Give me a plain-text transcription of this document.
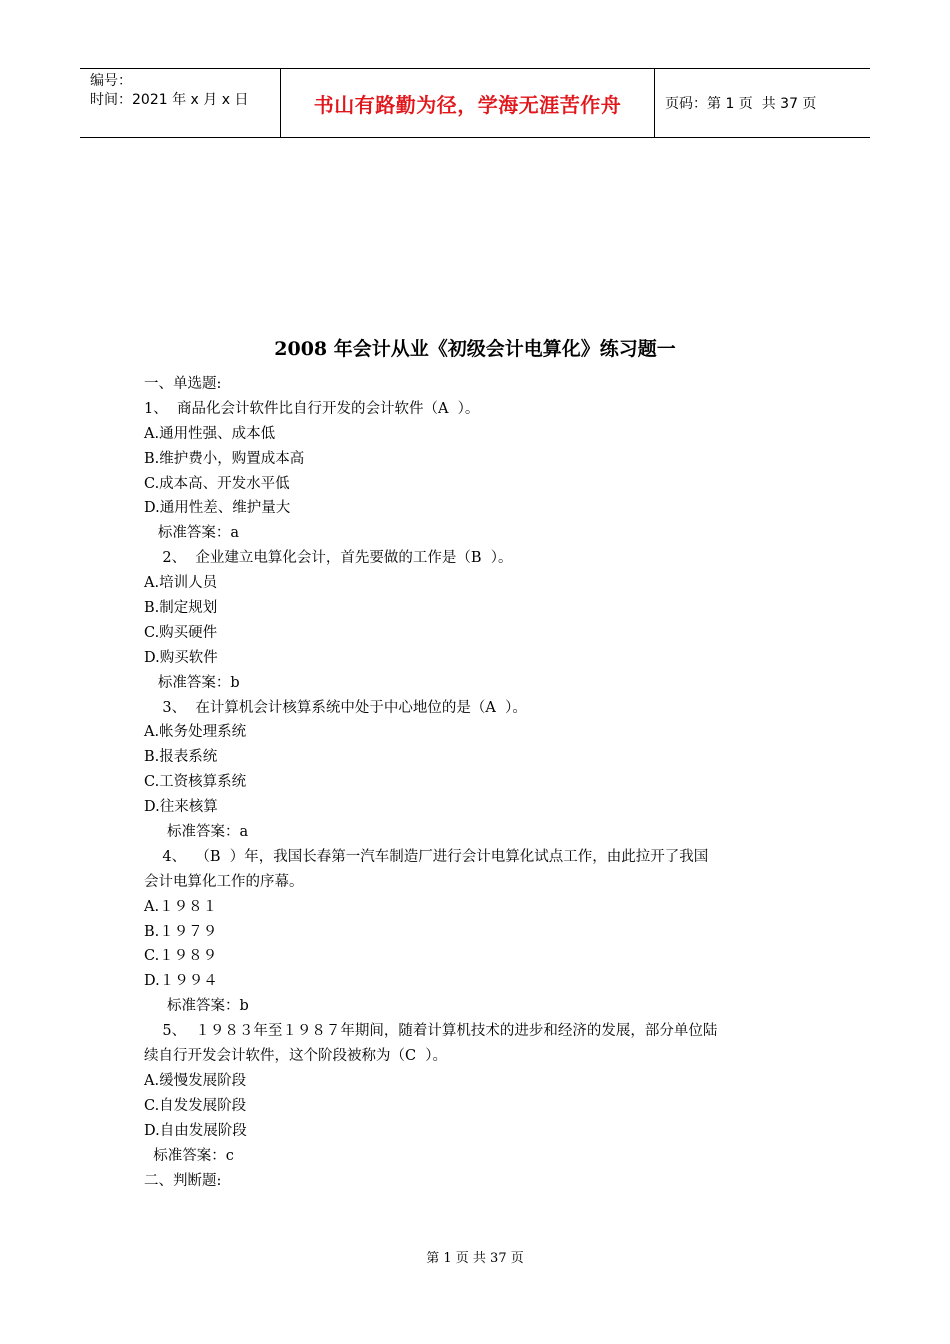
编号：
时间：2021 年 x 月 x 日	书山有路勤为径，学海无涯苦作舟	页码：第 1 页  共 37 页
2008 年会计从业《初级会计电算化》练习题一
一、单选题:
1、  商品化会计软件比自行开发的会计软件（A  ）。
A.通用性强、成本低
B.维护费小，购置成本高
C.成本高、开发水平低
D.通用性差、维护量大
标准答案：a
2、  企业建立电算化会计，首先要做的工作是（B  ）。
A.培训人员
B.制定规划
C.购买硬件
D.购买软件
标准答案：b
3、  在计算机会计核算系统中处于中心地位的是（A  ）。
A.帐务处理系统
B.报表系统
C.工资核算系统
D.往来核算
标准答案：a
4、  （B  ）年，我国长春第一汽车制造厂进行会计电算化试点工作，由此拉开了我国
会计电算化工作的序幕。
A.１９８１
B.１９７９
C.１９８９
D.１９９４
标准答案：b
5、  １９８３年至１９８７年期间，随着计算机技术的进步和经济的发展，部分单位陆
续自行开发会计软件，这个阶段被称为（C  ）。
A.缓慢发展阶段
C.自发发展阶段
D.自由发展阶段
标准答案：c
二、判断题:
第 1 页 共 37 页
